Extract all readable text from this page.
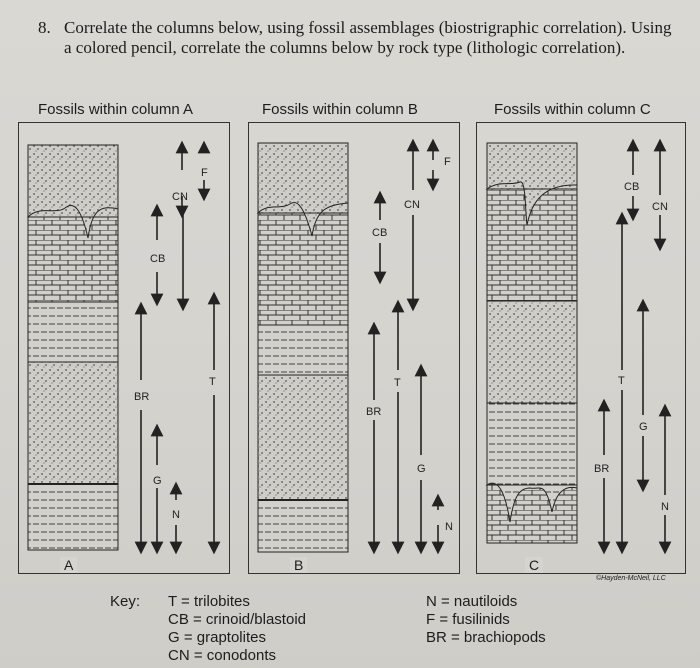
8. Correlate the columns below, using fossil assemblages (biostrigraphic correlation). Using a colored pencil, correlate the columns below by rock type (lithologic correlation).
Fossils within column A	Fossils within column B	Fossils within column C
F
CN
CB
BR
T
G
N
F
CN
CB
BR
T
G
N
CB
CN
T
BR
G
N
A	B	C
©Hayden-McNeil, LLC
Key: T = trilobites
CB = crinoid/blastoid
G = graptolites
CN = conodonts
N = nautiloids
F = fusilinids
BR = brachiopods
